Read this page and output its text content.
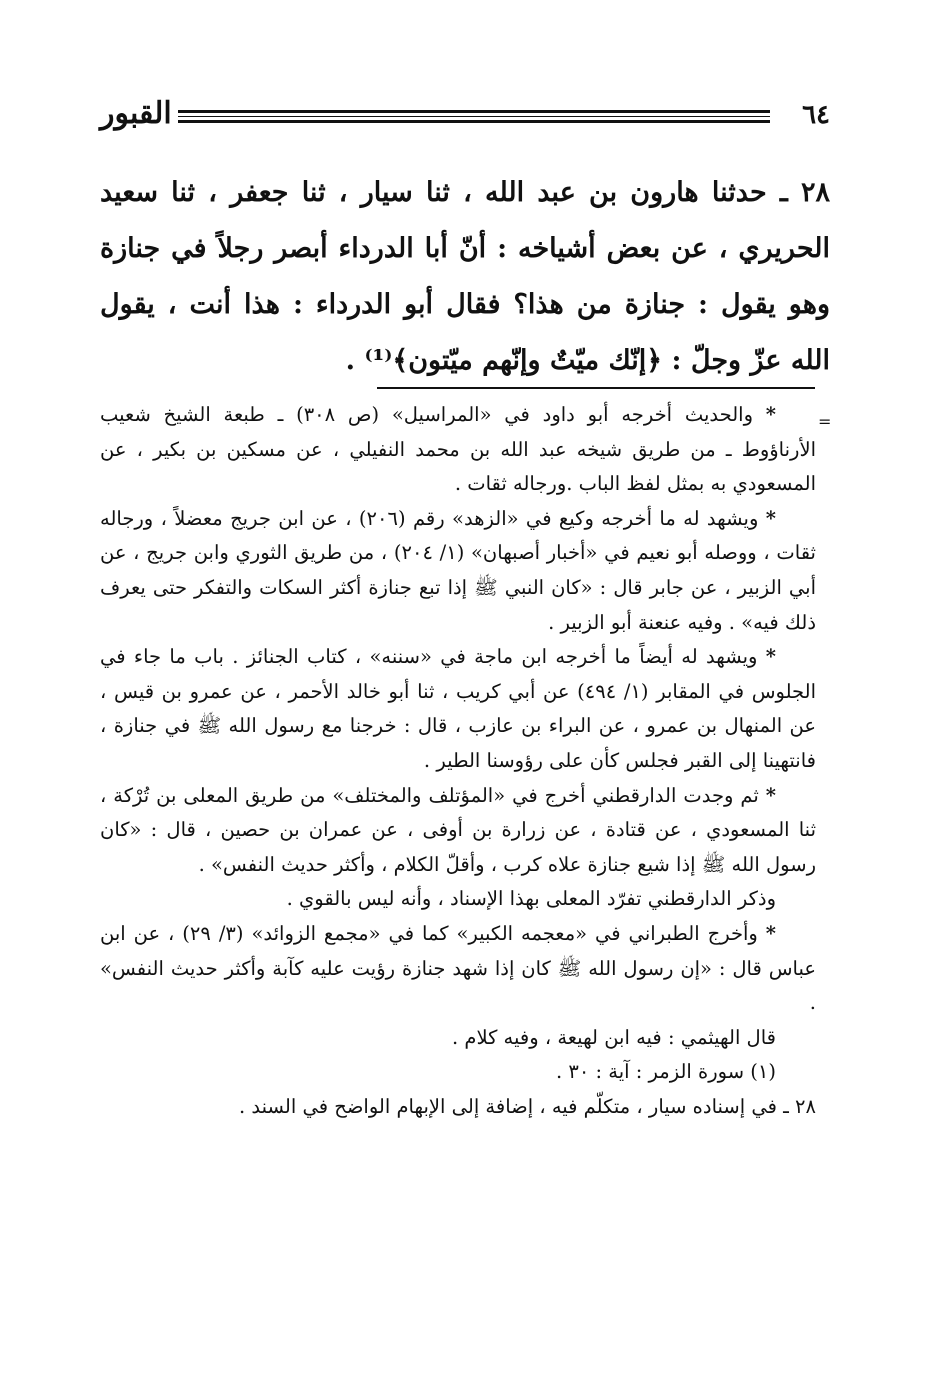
٦٤
القبور
٢٨ ـ حدثنا هارون بن عبد الله ، ثنا سيار ، ثنا جعفر ، ثنا سعيد الحريري ، عن بعض أشياخه : أنّ أبا الدرداء أبصر رجلاً في جنازة وهو يقول : جنازة من هذا؟ فقال أبو الدرداء : هذا أنت ، يقول الله عزّ وجلّ : ﴿إنّك ميّتٌ وإنّهم ميّتون﴾⁽¹⁾ .
=

* والحديث أخرجه أبو داود في «المراسيل» (ص ٣٠٨) ـ طبعة الشيخ شعيب الأرناؤوط ـ من طريق شيخه عبد الله بن محمد النفيلي ، عن مسكين بن بكير ، عن المسعودي به بمثل لفظ الباب .ورجاله ثقات .

* ويشهد له ما أخرجه وكيع في «الزهد» رقم (٢٠٦) ، عن ابن جريج معضلاً ، ورجاله ثقات ، ووصله أبو نعيم في «أخبار أصبهان» (١/ ٢٠٤) ، من طريق الثوري وابن جريج ، عن أبي الزبير ، عن جابر قال : «كان النبي ﷺ إذا تبع جنازة أكثر السكات والتفكر حتى يعرف ذلك فيه» . وفيه عنعنة أبو الزبير .

* ويشهد له أيضاً ما أخرجه ابن ماجة في «سننه» ، كتاب الجنائز . باب ما جاء في الجلوس في المقابر (١/ ٤٩٤) عن أبي كريب ، ثنا أبو خالد الأحمر ، عن عمرو بن قيس ، عن المنهال بن عمرو ، عن البراء بن عازب ، قال : خرجنا مع رسول الله ﷺ في جنازة ، فانتهينا إلى القبر فجلس كأن على رؤوسنا الطير .

* ثم وجدت الدارقطني أخرج في «المؤتلف والمختلف» من طريق المعلى بن تُرْكة ، ثنا المسعودي ، عن قتادة ، عن زرارة بن أوفى ، عن عمران بن حصين ، قال : «كان رسول الله ﷺ إذا شيع جنازة علاه كرب ، وأقلّ الكلام ، وأكثر حديث النفس» .

وذكر الدارقطني تفرّد المعلى بهذا الإسناد ، وأنه ليس بالقوي .

* وأخرج الطبراني في «معجمه الكبير» كما في «مجمع الزوائد» (٣/ ٢٩) ، عن ابن عباس قال : «إن رسول الله ﷺ كان إذا شهد جنازة رؤيت عليه كآبة وأكثر حديث النفس» .

قال الهيثمي : فيه ابن لهيعة ، وفيه كلام .

(١) سورة الزمر : آية : ٣٠ .

٢٨ ـ في إسناده سيار ، متكلّم فيه ، إضافة إلى الإبهام الواضح في السند .
